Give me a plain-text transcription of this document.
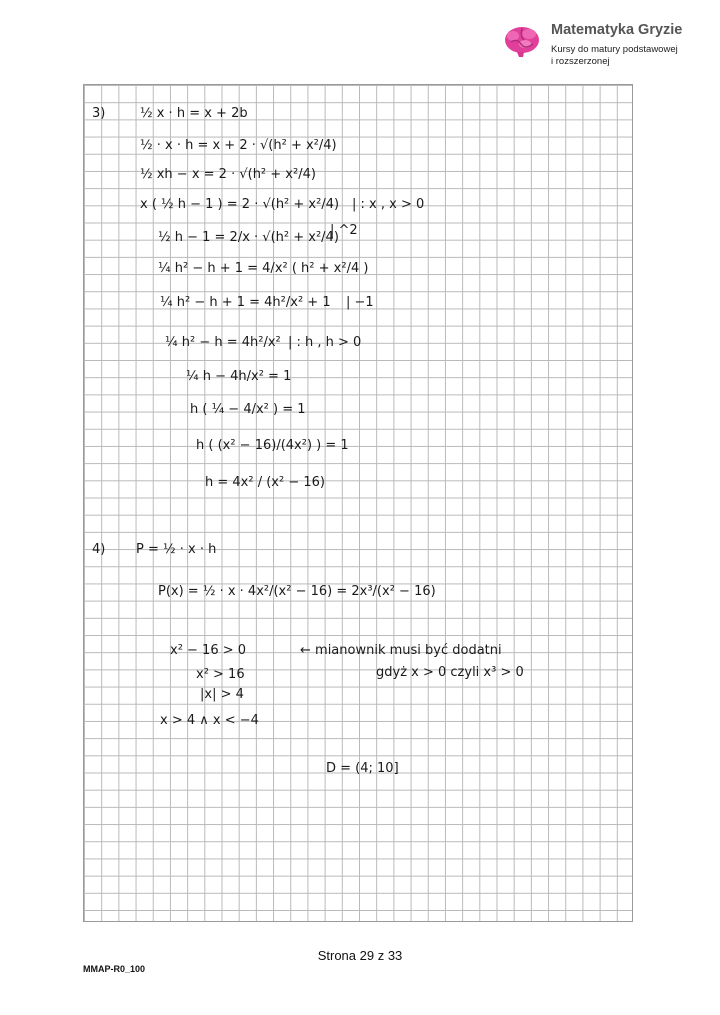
Matematyka Gryzie
Kursy do matury podstawowej
i rozszerzonej
3)	½ x · h = x + 2b
½ · x · h = x + 2 · √(h² + x²/4)
½ xh − x = 2 · √(h² + x²/4)
x ( ½ h − 1 ) = 2 · √(h² + x²/4) | : x , x > 0
½ h − 1 = 2/x · √(h² + x²/4)
| ^2
¼ h² − h + 1 = 4/x² ( h² + x²/4 )
¼ h² − h + 1 = 4h²/x² + 1 | −1
¼ h² − h = 4h²/x² | : h , h > 0
¼ h − 4h/x² = 1
h ( ¼ − 4/x² ) = 1
h ( (x² − 16)/(4x²) ) = 1
h = 4x² / (x² − 16)
4) P = ½ · x · h
P(x) = ½ · x · 4x²/(x² − 16) = 2x³/(x² − 16)
x² − 16 > 0	← mianownik musi być dodatni
gdyż x > 0 czyli x³ > 0
x² > 16
|x| > 4
x > 4 ∧ x < −4
D = (4; 10]
Strona 29 z 33
MMAP-R0_100
